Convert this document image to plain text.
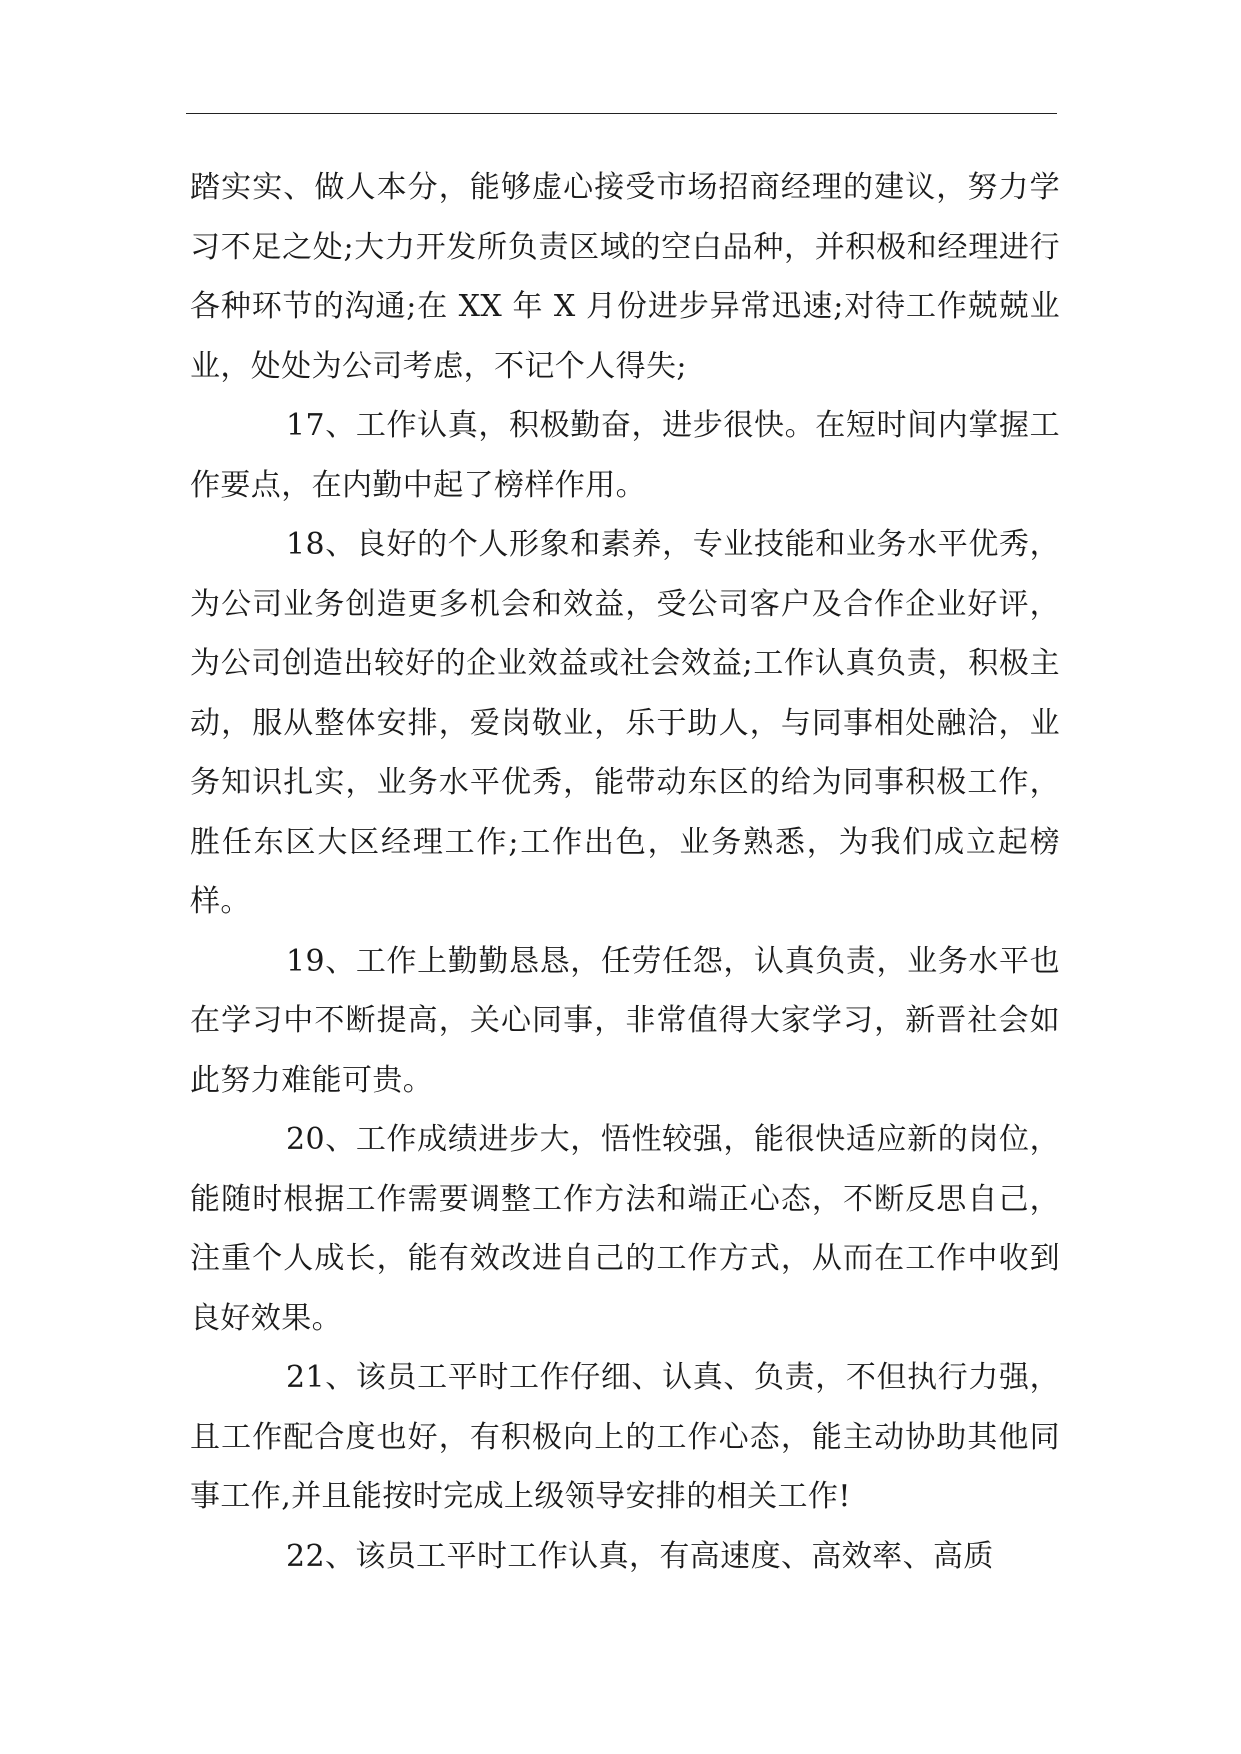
踏实实、做人本分，能够虚心接受市场招商经理的建议，努力学习不足之处;大力开发所负责区域的空白品种，并积极和经理进行各种环节的沟通;在 XX 年 X 月份进步异常迅速;对待工作兢兢业业，处处为公司考虑，不记个人得失;

17、工作认真，积极勤奋，进步很快。在短时间内掌握工作要点，在内勤中起了榜样作用。

18、良好的个人形象和素养，专业技能和业务水平优秀，为公司业务创造更多机会和效益，受公司客户及合作企业好评，为公司创造出较好的企业效益或社会效益;工作认真负责，积极主动，服从整体安排，爱岗敬业，乐于助人，与同事相处融洽，业务知识扎实，业务水平优秀，能带动东区的给为同事积极工作，胜任东区大区经理工作;工作出色，业务熟悉，为我们成立起榜样。

19、工作上勤勤恳恳，任劳任怨，认真负责，业务水平也在学习中不断提高，关心同事，非常值得大家学习，新晋社会如此努力难能可贵。

20、工作成绩进步大，悟性较强，能很快适应新的岗位，能随时根据工作需要调整工作方法和端正心态，不断反思自己，注重个人成长，能有效改进自己的工作方式，从而在工作中收到良好效果。

21、该员工平时工作仔细、认真、负责，不但执行力强，且工作配合度也好，有积极向上的工作心态，能主动协助其他同事工作,并且能按时完成上级领导安排的相关工作!

22、该员工平时工作认真，有高速度、高效率、高质
